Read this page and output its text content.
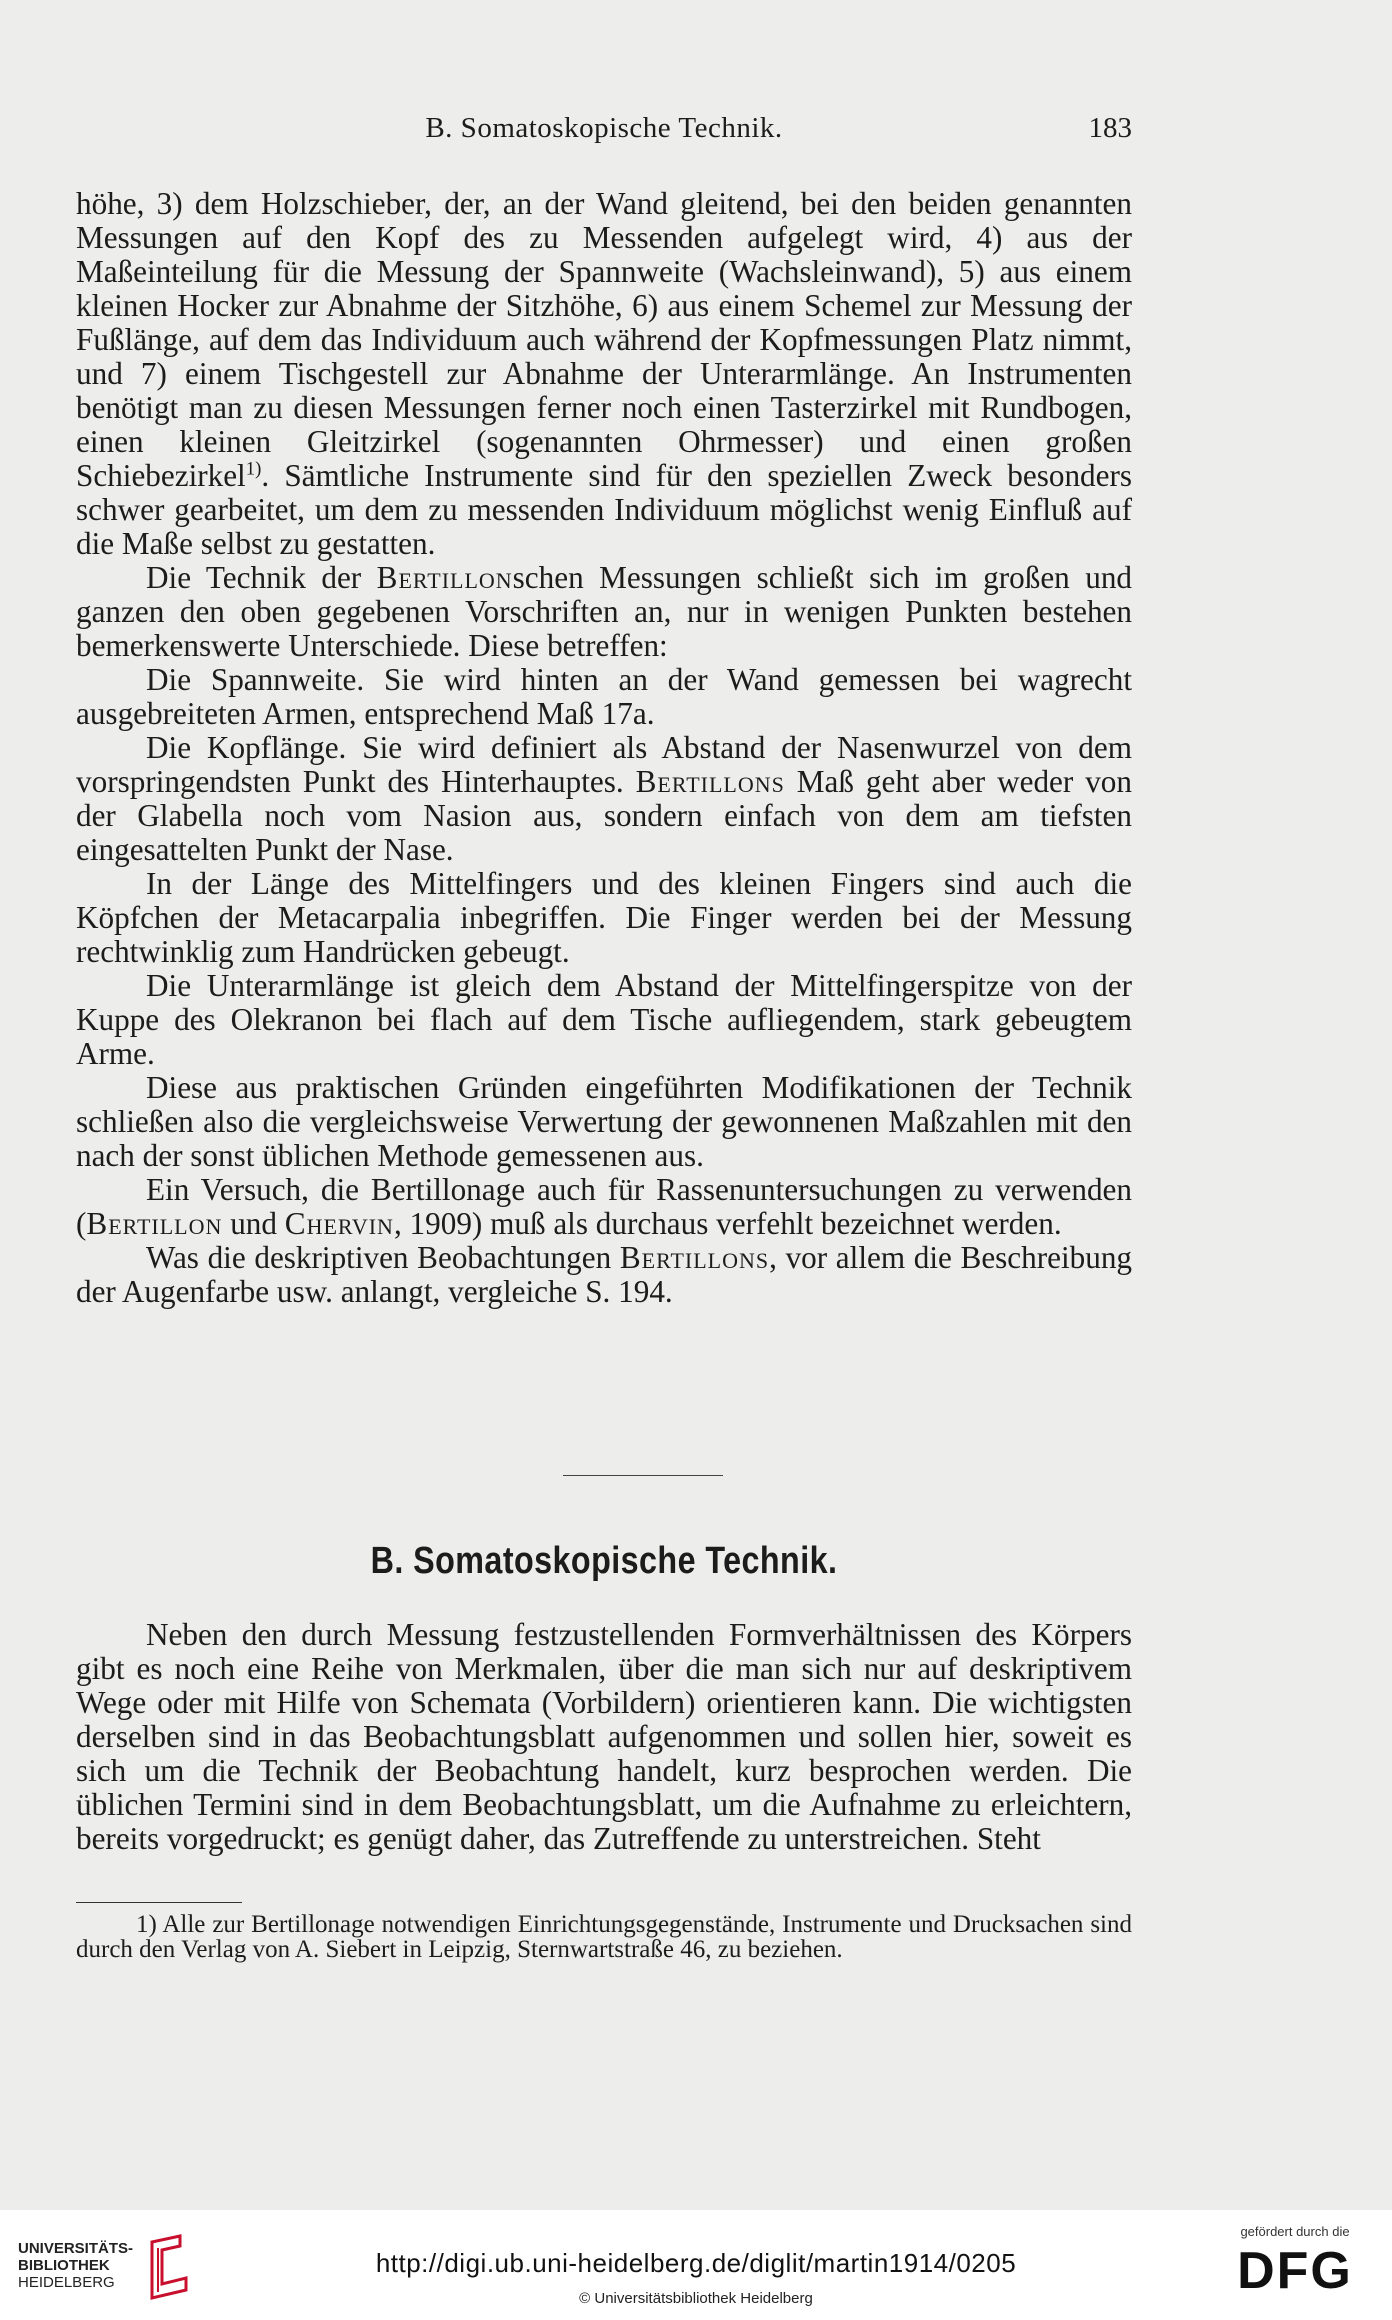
B. Somatoskopische Technik.	183

höhe, 3) dem Holzschieber, der, an der Wand gleitend, bei den beiden genannten Messungen auf den Kopf des zu Messenden aufgelegt wird, 4) aus der Maßeinteilung für die Messung der Spannweite (Wachsleinwand), 5) aus einem kleinen Hocker zur Abnahme der Sitzhöhe, 6) aus einem Schemel zur Messung der Fußlänge, auf dem das Individuum auch während der Kopfmessungen Platz nimmt, und 7) einem Tischgestell zur Abnahme der Unterarmlänge. An Instrumenten benötigt man zu diesen Messungen ferner noch einen Tasterzirkel mit Rundbogen, einen kleinen Gleitzirkel (sogenannten Ohrmesser) und einen großen Schiebezirkel$^{1)}$. Sämtliche Instrumente sind für den speziellen Zweck besonders schwer gearbeitet, um dem zu messenden Individuum möglichst wenig Einfluß auf die Maße selbst zu gestatten.

Die Technik der Bertillonschen Messungen schließt sich im großen und ganzen den oben gegebenen Vorschriften an, nur in wenigen Punkten bestehen bemerkenswerte Unterschiede. Diese betreffen:

Die Spannweite. Sie wird hinten an der Wand gemessen bei wagrecht ausgebreiteten Armen, entsprechend Maß 17a.

Die Kopflänge. Sie wird definiert als Abstand der Nasenwurzel von dem vorspringendsten Punkt des Hinterhauptes. Bertillons Maß geht aber weder von der Glabella noch vom Nasion aus, sondern einfach von dem am tiefsten eingesattelten Punkt der Nase.

In der Länge des Mittelfingers und des kleinen Fingers sind auch die Köpfchen der Metacarpalia inbegriffen. Die Finger werden bei der Messung rechtwinklig zum Handrücken gebeugt.

Die Unterarmlänge ist gleich dem Abstand der Mittelfingerspitze von der Kuppe des Olekranon bei flach auf dem Tische aufliegendem, stark gebeugtem Arme.

Diese aus praktischen Gründen eingeführten Modifikationen der Technik schließen also die vergleichsweise Verwertung der gewonnenen Maßzahlen mit den nach der sonst üblichen Methode gemessenen aus.

Ein Versuch, die Bertillonage auch für Rassenuntersuchungen zu verwenden (Bertillon und Chervin, 1909) muß als durchaus verfehlt bezeichnet werden.

Was die deskriptiven Beobachtungen Bertillons, vor allem die Beschreibung der Augenfarbe usw. anlangt, vergleiche S. 194.

B. Somatoskopische Technik.

Neben den durch Messung festzustellenden Formverhältnissen des Körpers gibt es noch eine Reihe von Merkmalen, über die man sich nur auf deskriptivem Wege oder mit Hilfe von Schemata (Vorbildern) orientieren kann. Die wichtigsten derselben sind in das Beobachtungsblatt aufgenommen und sollen hier, soweit es sich um die Technik der Beobachtung handelt, kurz besprochen werden. Die üblichen Termini sind in dem Beobachtungsblatt, um die Aufnahme zu erleichtern, bereits vorgedruckt; es genügt daher, das Zutreffende zu unterstreichen. Steht

1) Alle zur Bertillonage notwendigen Einrichtungsgegenstände, Instrumente und Drucksachen sind durch den Verlag von A. Siebert in Leipzig, Sternwartstraße 46, zu beziehen.

UNIVERSITÄTS-
BIBLIOTHEK
HEIDELBERG
http://digi.ub.uni-heidelberg.de/diglit/martin1914/0205
© Universitätsbibliothek Heidelberg
gefördert durch die
DFG
